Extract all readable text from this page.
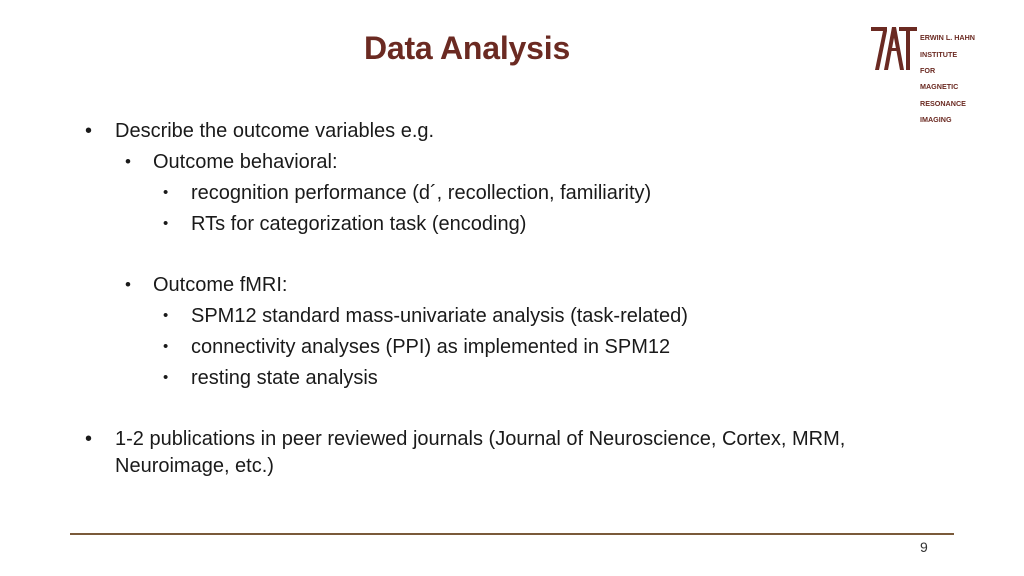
Data Analysis	ERWIN L. HAHN

INSTITUTE

FOR

MAGNETIC

RESONANCE

IMAGING

• Describe the outcome variables e.g.
• Outcome behavioral:
• recognition performance (d´, recollection, familiarity)
• RTs for categorization task (encoding)
• Outcome fMRI:
• SPM12 standard mass-univariate analysis (task-related)
• connectivity analyses (PPI) as implemented in SPM12
• resting state analysis
• 1-2 publications in peer reviewed journals (Journal of Neuroscience, Cortex, MRM,
Neuroimage, etc.)
9
